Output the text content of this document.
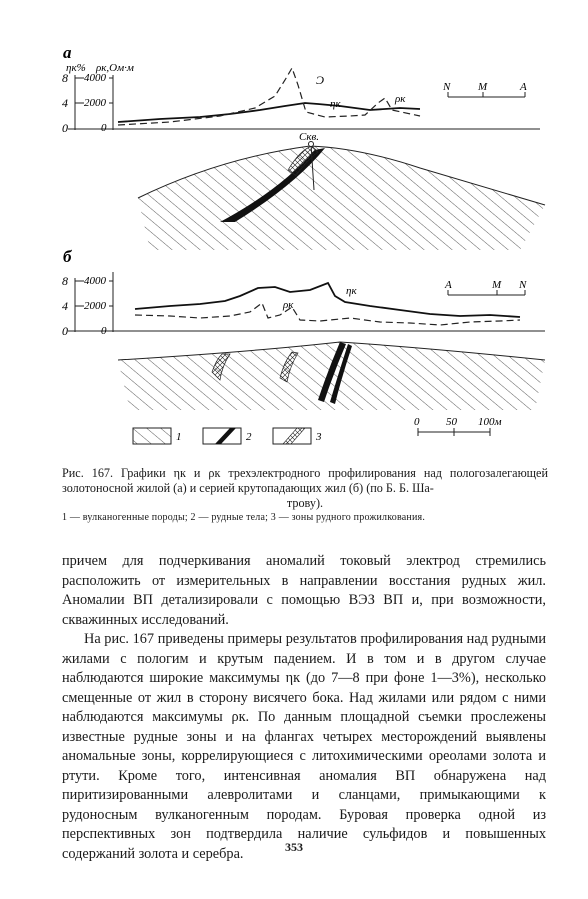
а
ηк% ρк,Ом·м
8
4
0
4000
2000
0
ηк	ρк
Ɔ	N	M	A
Скв.
б
8
4
0
4000
2000
0
ρк
ηк	A	M N
0 50 100м
1	2	3
Рис. 167. Графики ηк и ρк трехэлектродного профилирования над пологозалегающей золотоносной жилой (а) и серией крутопадающих жил (б) (по Б. Б. Ша-
трову).
1 — вулканогенные породы; 2 — рудные тела; 3 — зоны рудного прожилкования.

причем для подчеркивания аномалий токовый электрод стремились расположить от измерительных в направлении восстания рудных жил. Аномалии ВП детализировали с помощью ВЭЗ ВП и, при возможности, скважинных исследований.

На рис. 167 приведены примеры результатов профилирования над рудными жилами с пологим и крутым падением. И в том и в другом случае наблюдаются широкие максимумы ηк (до 7—8 при фоне 1—3%), несколько смещенные от жил в сторону висячего бока. Над жилами или рядом с ними наблюдаются максимумы ρк. По данным площадной съемки прослежены известные рудные зоны и на флангах четырех месторождений выявлены аномальные зоны, коррелирующиеся с литохимическими ореолами золота и ртути. Кроме того, интенсивная аномалия ВП обнаружена над пиритизированными алевролитами и сланцами, примыкающими к рудоносным вулканогенным породам. Буровая проверка одной из перспективных зон подтвердила наличие сульфидов и повышенных содержаний золота и серебра.	353
